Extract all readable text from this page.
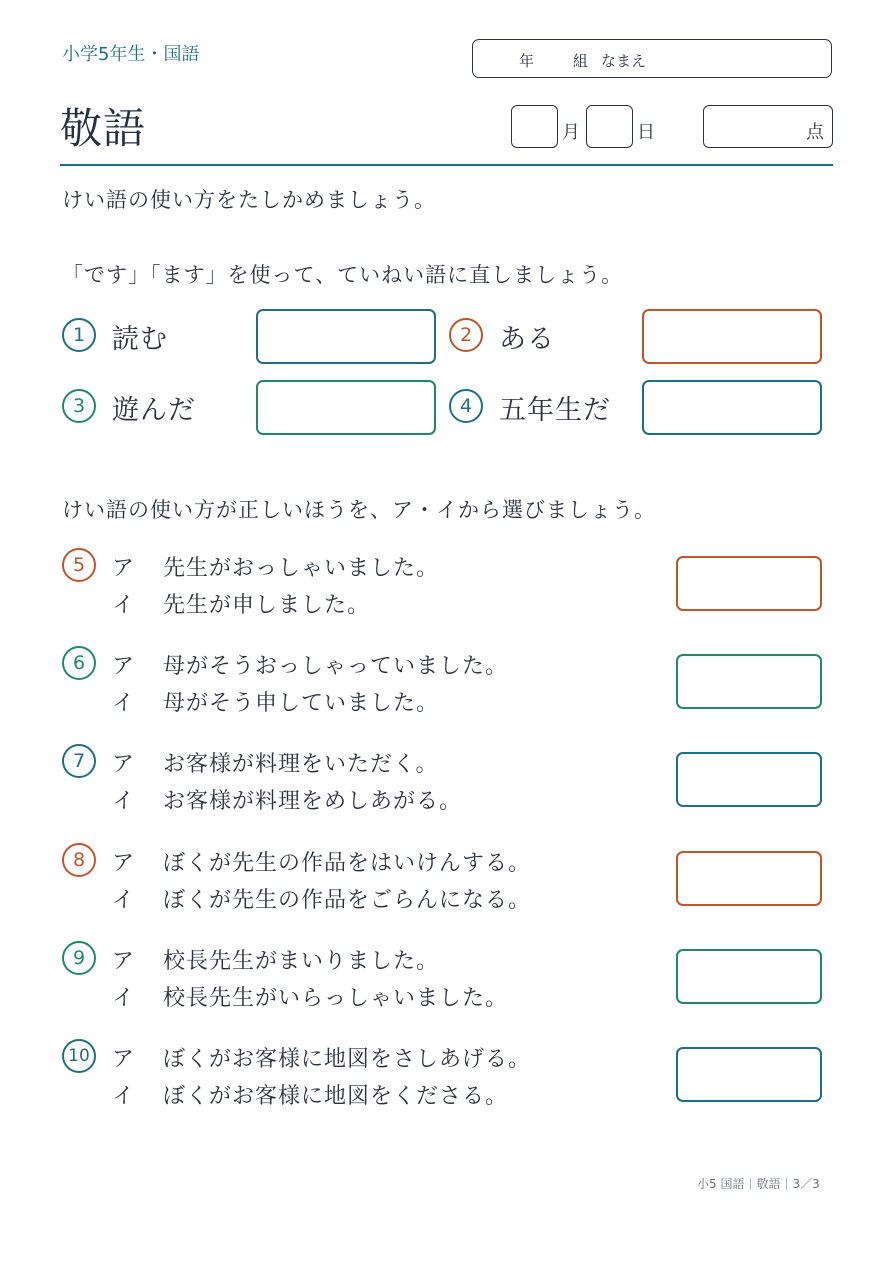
小学5年生・国語	年	組 なまえ
敬語	月	日	点
けい語の使い方をたしかめましょう。
「です」「ます」を使って、ていねい語に直しましょう。
1 読む	2 ある
3 遊んだ	4 五年生だ
けい語の使い方が正しいほうを、ア・イから選びましょう。
5	ア 先生がおっしゃいました。
イ 先生が申しました。
6	ア 母がそうおっしゃっていました。
イ 母がそう申していました。
7	ア お客様が料理をいただく。
イ お客様が料理をめしあがる。
8	ア ぼくが先生の作品をはいけんする。
イ ぼくが先生の作品をごらんになる。
9	ア 校長先生がまいりました。
イ 校長先生がいらっしゃいました。
10 ア ぼくがお客様に地図をさしあげる。
イ ぼくがお客様に地図をくださる。
小5 国語｜敬語｜3／3
